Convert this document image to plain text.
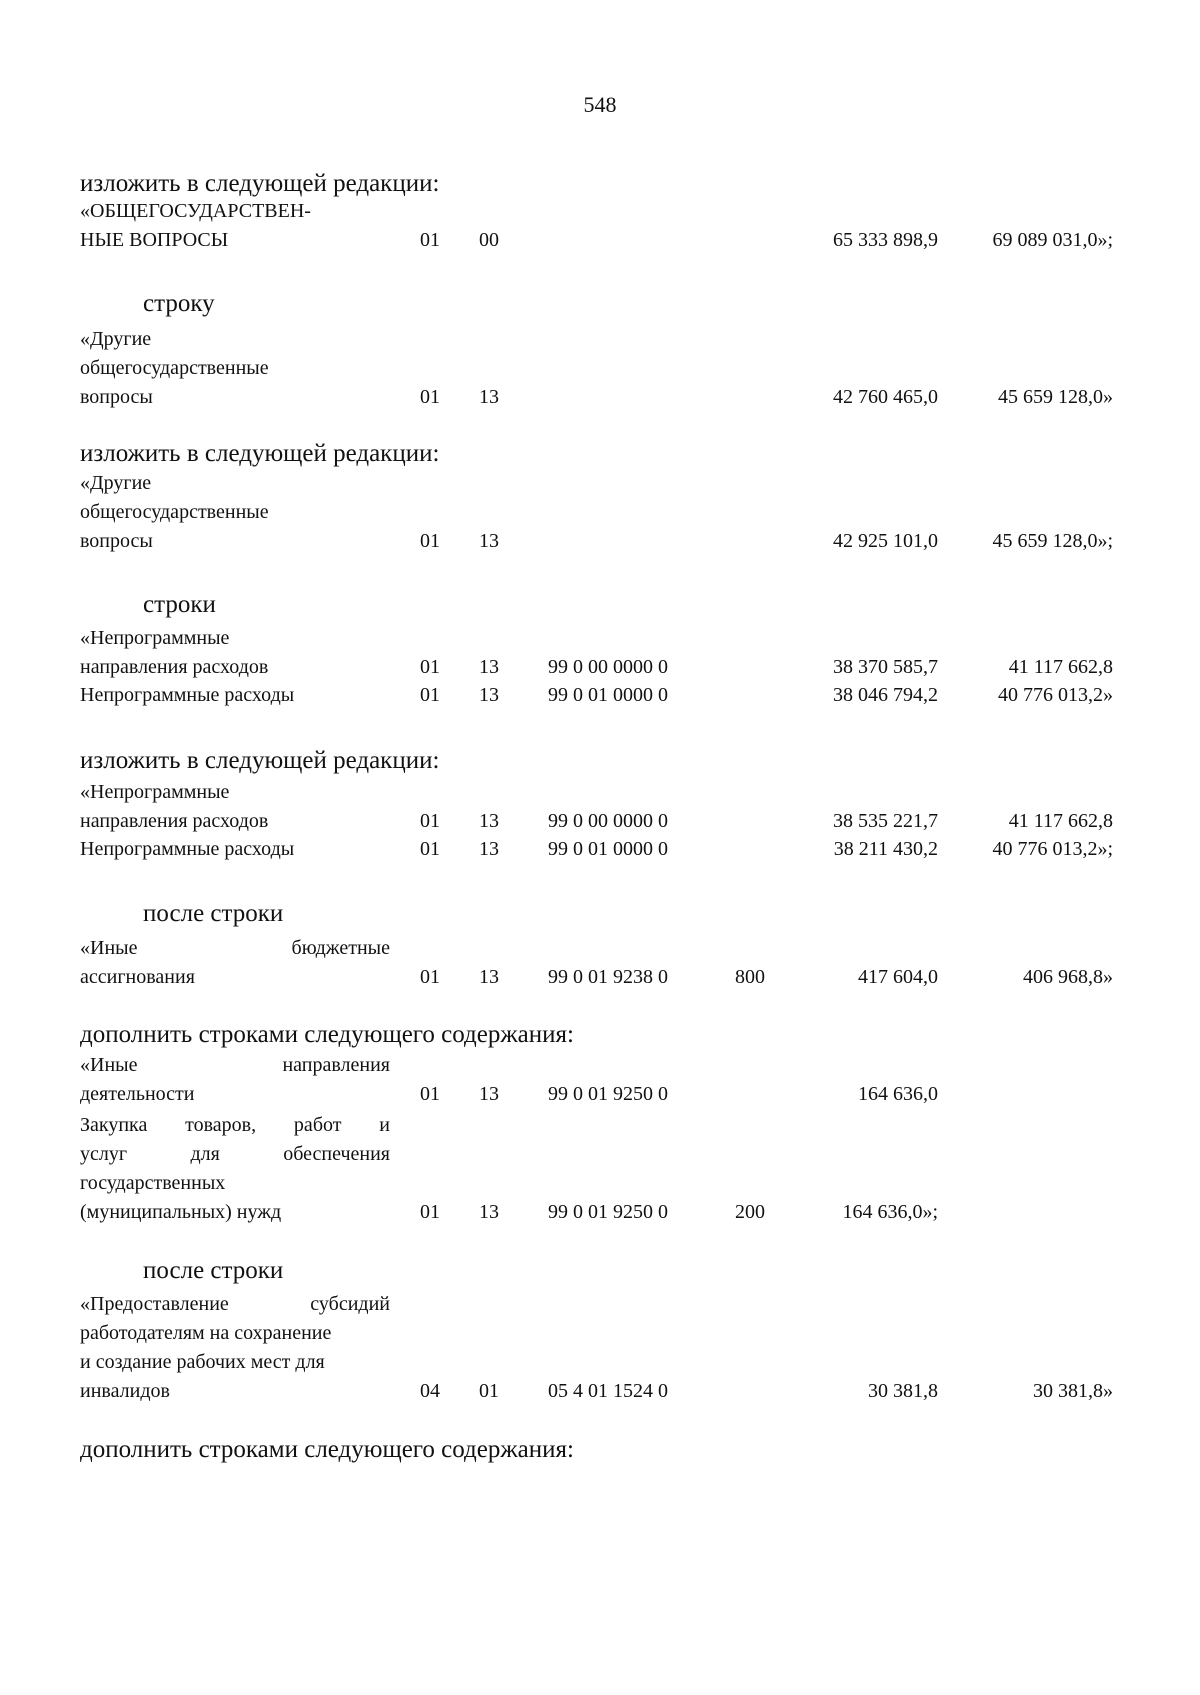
548
изложить в следующей редакции:
«ОБЩЕГОСУДАРСТВЕН-
НЫЕ ВОПРОСЫ	01 00	65 333 898,9	69 089 031,0»;
строку
«Другие
общегосударственные
вопросы	01 13	42 760 465,0	45 659 128,0»
изложить в следующей редакции:
«Другие
общегосударственные
вопросы	01 13	42 925 101,0	45 659 128,0»;
строки
«Непрограммные
направления расходов	01 13 99 0 00 0000 0	38 370 585,7	41 117 662,8
Непрограммные расходы	01 13 99 0 01 0000 0	38 046 794,2	40 776 013,2»
изложить в следующей редакции:
«Непрограммные
направления расходов	01 13 99 0 00 0000 0	38 535 221,7	41 117 662,8
Непрограммные расходы	01 13 99 0 01 0000 0	38 211 430,2	40 776 013,2»;
после строки
«Иные бюджетные
ассигнования	01 13 99 0 01 9238 0	800	417 604,0	406 968,8»
дополнить строками следующего содержания:
«Иные направления
деятельности	01 13 99 0 01 9250 0	164 636,0
Закупка товаров, работ и
услуг для обеспечения
государственных
(муниципальных) нужд	01 13 99 0 01 9250 0	200	164 636,0»;
после строки
«Предоставление субсидий
работодателям на сохранение
и создание рабочих мест для
инвалидов	04 01 05 4 01 1524 0	30 381,8	30 381,8»
дополнить строками следующего содержания:
